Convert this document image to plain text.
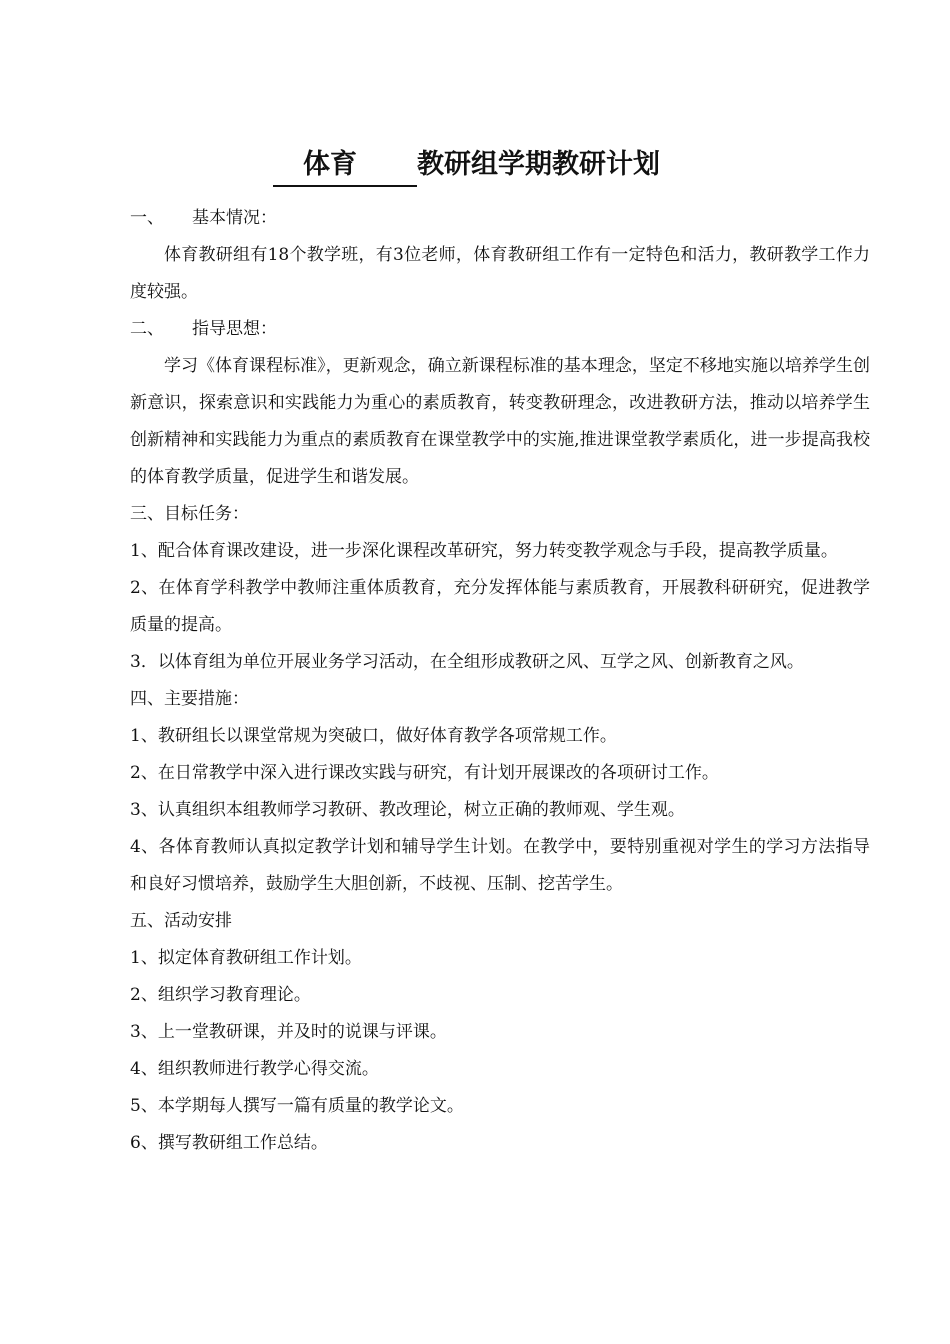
体育	教研组学期教研计划
一、 基本情况：
体育教研组有18个教学班，有3位老师，体育教研组工作有一定特色和活力，教研教学工作力度较强。
二、 指导思想：
学习《体育课程标准》，更新观念，确立新课程标准的基本理念，坚定不移地实施以培养学生创新意识，探索意识和实践能力为重心的素质教育，转变教研理念，改进教研方法，推动以培养学生创新精神和实践能力为重点的素质教育在课堂教学中的实施,推进课堂教学素质化，进一步提高我校的体育教学质量，促进学生和谐发展。
三、目标任务：
1、配合体育课改建设，进一步深化课程改革研究，努力转变教学观念与手段，提高教学质量。
2、在体育学科教学中教师注重体质教育，充分发挥体能与素质教育，开展教科研研究，促进教学质量的提高。
3．以体育组为单位开展业务学习活动，在全组形成教研之风、互学之风、创新教育之风。
四、主要措施：
1、教研组长以课堂常规为突破口，做好体育教学各项常规工作。
2、在日常教学中深入进行课改实践与研究，有计划开展课改的各项研讨工作。
3、认真组织本组教师学习教研、教改理论，树立正确的教师观、学生观。
4、各体育教师认真拟定教学计划和辅导学生计划。在教学中，要特别重视对学生的学习方法指导和良好习惯培养，鼓励学生大胆创新，不歧视、压制、挖苦学生。
五、活动安排
1、拟定体育教研组工作计划。
2、组织学习教育理论。
3、上一堂教研课，并及时的说课与评课。
4、组织教师进行教学心得交流。
5、本学期每人撰写一篇有质量的教学论文。
6、撰写教研组工作总结。
